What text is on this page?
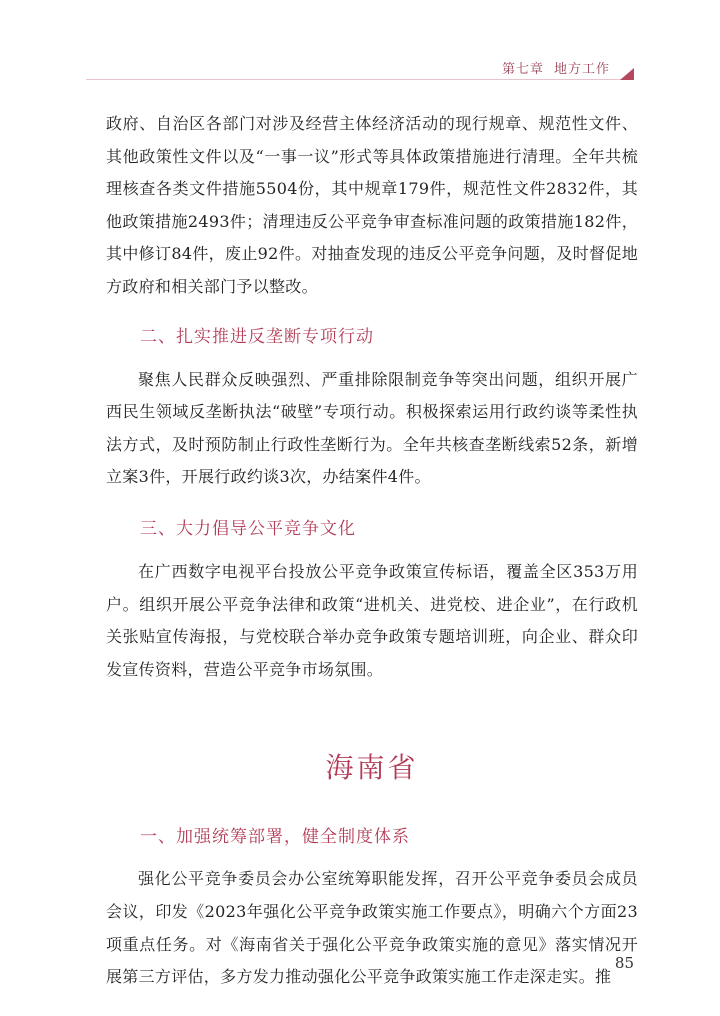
第七章 地方工作

政府、自治区各部门对涉及经营主体经济活动的现行规章、规范性文件、其他政策性文件以及“一事一议”形式等具体政策措施进行清理。全年共梳理核查各类文件措施5504份，其中规章179件，规范性文件2832件，其他政策措施2493件；清理违反公平竞争审查标准问题的政策措施182件，其中修订84件，废止92件。对抽查发现的违反公平竞争问题，及时督促地方政府和相关部门予以整改。

二、扎实推进反垄断专项行动

聚焦人民群众反映强烈、严重排除限制竞争等突出问题，组织开展广西民生领域反垄断执法“破壁”专项行动。积极探索运用行政约谈等柔性执法方式，及时预防制止行政性垄断行为。全年共核查垄断线索52条，新增立案3件，开展行政约谈3次，办结案件4件。

三、大力倡导公平竞争文化

在广西数字电视平台投放公平竞争政策宣传标语，覆盖全区353万用户。组织开展公平竞争法律和政策“进机关、进党校、进企业”，在行政机关张贴宣传海报，与党校联合举办竞争政策专题培训班，向企业、群众印发宣传资料，营造公平竞争市场氛围。

海南省
一、加强统筹部署，健全制度体系

强化公平竞争委员会办公室统筹职能发挥，召开公平竞争委员会成员会议，印发《2023年强化公平竞争政策实施工作要点》，明确六个方面23项重点任务。对《海南省关于强化公平竞争政策实施的意见》落实情况开展第三方评估，多方发力推动强化公平竞争政策实施工作走深走实。推

85
